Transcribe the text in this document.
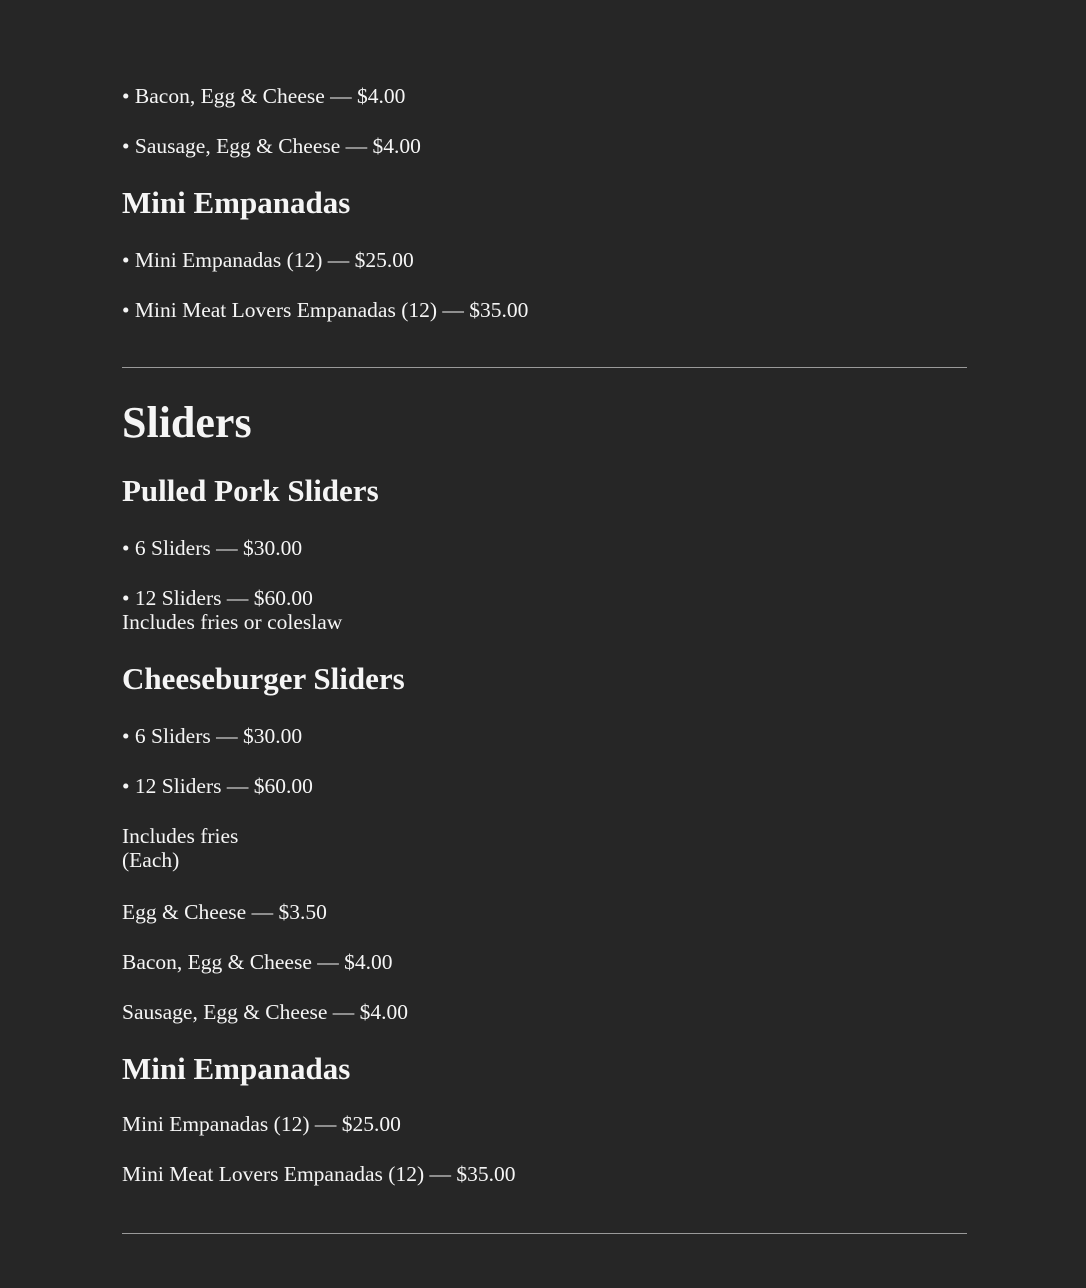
• Bacon, Egg & Cheese — $4.00
• Sausage, Egg & Cheese — $4.00
Mini Empanadas
• Mini Empanadas (12) — $25.00
• Mini Meat Lovers Empanadas (12) — $35.00
Sliders
Pulled Pork Sliders
• 6 Sliders — $30.00
• 12 Sliders — $60.00
Includes fries or coleslaw
Cheeseburger Sliders
• 6 Sliders — $30.00
• 12 Sliders — $60.00
Includes fries
(Each)
Egg & Cheese — $3.50
Bacon, Egg & Cheese — $4.00
Sausage, Egg & Cheese — $4.00
Mini Empanadas
Mini Empanadas (12) — $25.00
Mini Meat Lovers Empanadas (12) — $35.00
